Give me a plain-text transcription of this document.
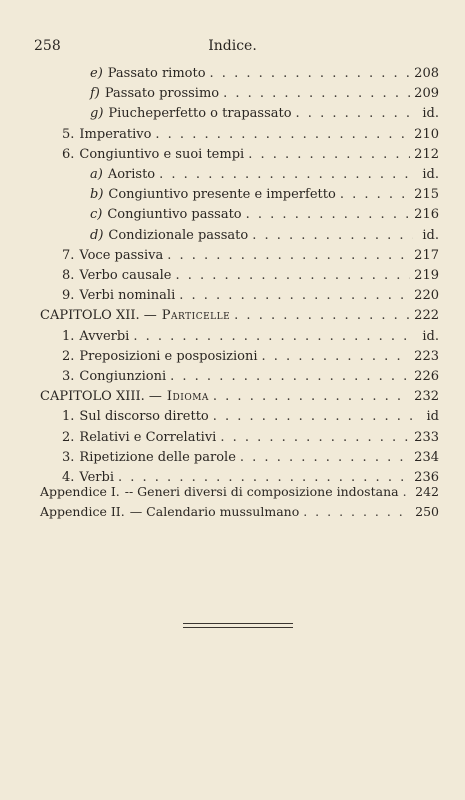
258	Indice.
e) Passato rimoto . . .	208
f) Passato prossimo . . .	209
g) Piucheperfetto o trapassato . . .	id.
5. Imperativo . . .	210
6. Congiuntivo e suoi tempi . . .	212
a) Aoristo . . .	id.
b) Congiuntivo presente e imperfetto . . .	215
c) Congiuntivo passato . . .	216
d) Condizionale passato . . .	id.
7. Voce passiva . . .	217
8. Verbo causale . . .	219
9. Verbi nominali . . .	220
CAPITOLO XII. — Particelle . . .	222
1. Avverbi . . .	id.
2. Preposizioni e posposizioni . . .	223
3. Congiunzioni . . .	226
CAPITOLO XIII. — Idioma . . .	232
1. Sul discorso diretto . . .	id
2. Relativi e Correlativi . . .	233
3. Ripetizione delle parole . . .	234
4. Verbi . . .	236
Appendice I. -- Generi diversi di composizione indostana . . . 242
Appendice II. — Calendario mussulmano . . .	250
